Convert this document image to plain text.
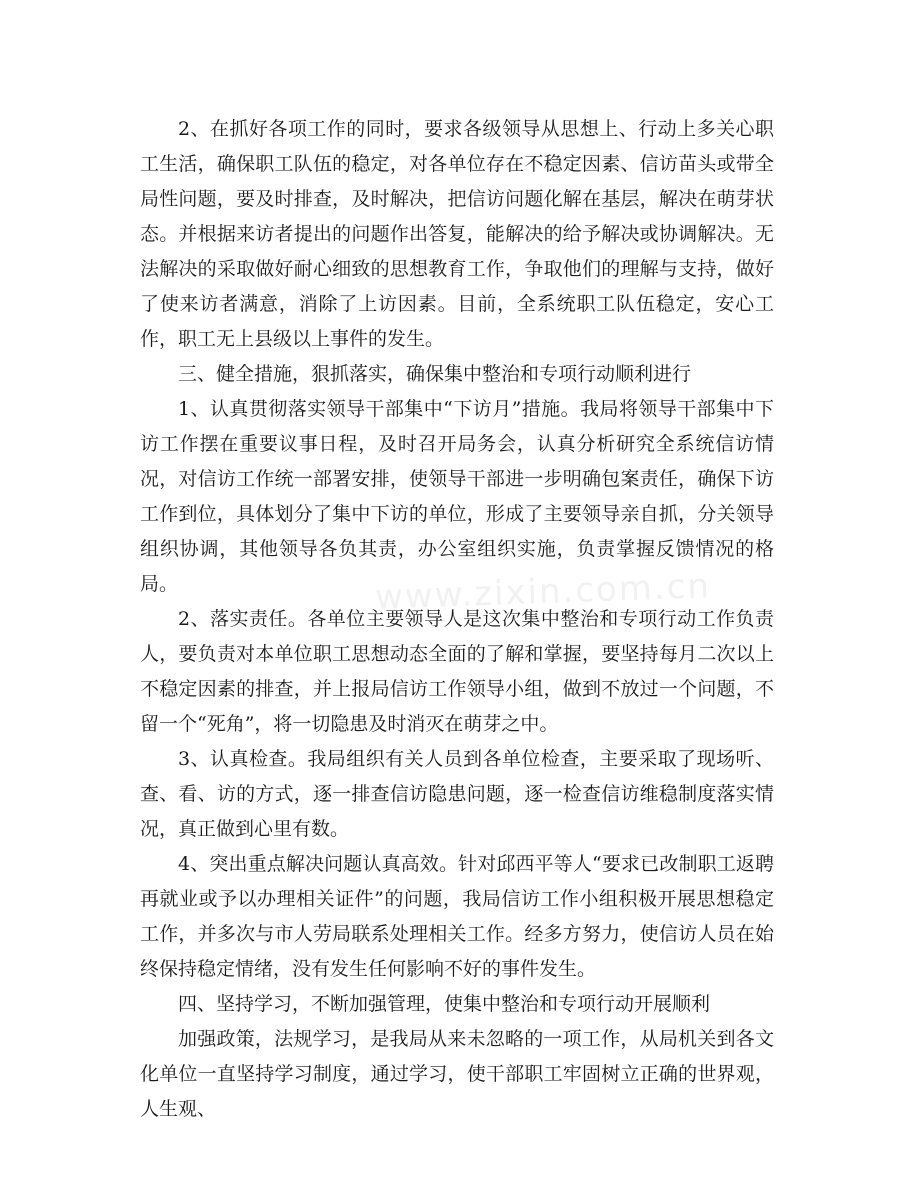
2、在抓好各项工作的同时，要求各级领导从思想上、行动上多关心职工生活，确保职工队伍的稳定，对各单位存在不稳定因素、信访苗头或带全局性问题，要及时排查，及时解决，把信访问题化解在基层，解决在萌芽状态。并根据来访者提出的问题作出答复，能解决的给予解决或协调解决。无法解决的采取做好耐心细致的思想教育工作，争取他们的理解与支持，做好了使来访者满意，消除了上访因素。目前，全系统职工队伍稳定，安心工作，职工无上县级以上事件的发生。

三、健全措施，狠抓落实，确保集中整治和专项行动顺利进行

1、认真贯彻落实领导干部集中“下访月”措施。我局将领导干部集中下访工作摆在重要议事日程，及时召开局务会，认真分析研究全系统信访情况，对信访工作统一部署安排，使领导干部进一步明确包案责任，确保下访工作到位，具体划分了集中下访的单位，形成了主要领导亲自抓，分关领导组织协调，其他领导各负其责，办公室组织实施，负责掌握反馈情况的格局。

2、落实责任。各单位主要领导人是这次集中整治和专项行动工作负责人，要负责对本单位职工思想动态全面的了解和掌握，要坚持每月二次以上不稳定因素的排查，并上报局信访工作领导小组，做到不放过一个问题，不留一个“死角”，将一切隐患及时消灭在萌芽之中。

3、认真检查。我局组织有关人员到各单位检查，主要采取了现场听、查、看、访的方式，逐一排查信访隐患问题，逐一检查信访维稳制度落实情况，真正做到心里有数。

4、突出重点解决问题认真高效。针对邱西平等人“要求已改制职工返聘再就业或予以办理相关证件”的问题，我局信访工作小组积极开展思想稳定工作，并多次与市人劳局联系处理相关工作。经多方努力，使信访人员在始终保持稳定情绪，没有发生任何影响不好的事件发生。

四、坚持学习，不断加强管理，使集中整治和专项行动开展顺利

加强政策，法规学习，是我局从来未忽略的一项工作，从局机关到各文化单位一直坚持学习制度，通过学习，使干部职工牢固树立正确的世界观，人生观、

www.zixin.com.cn
